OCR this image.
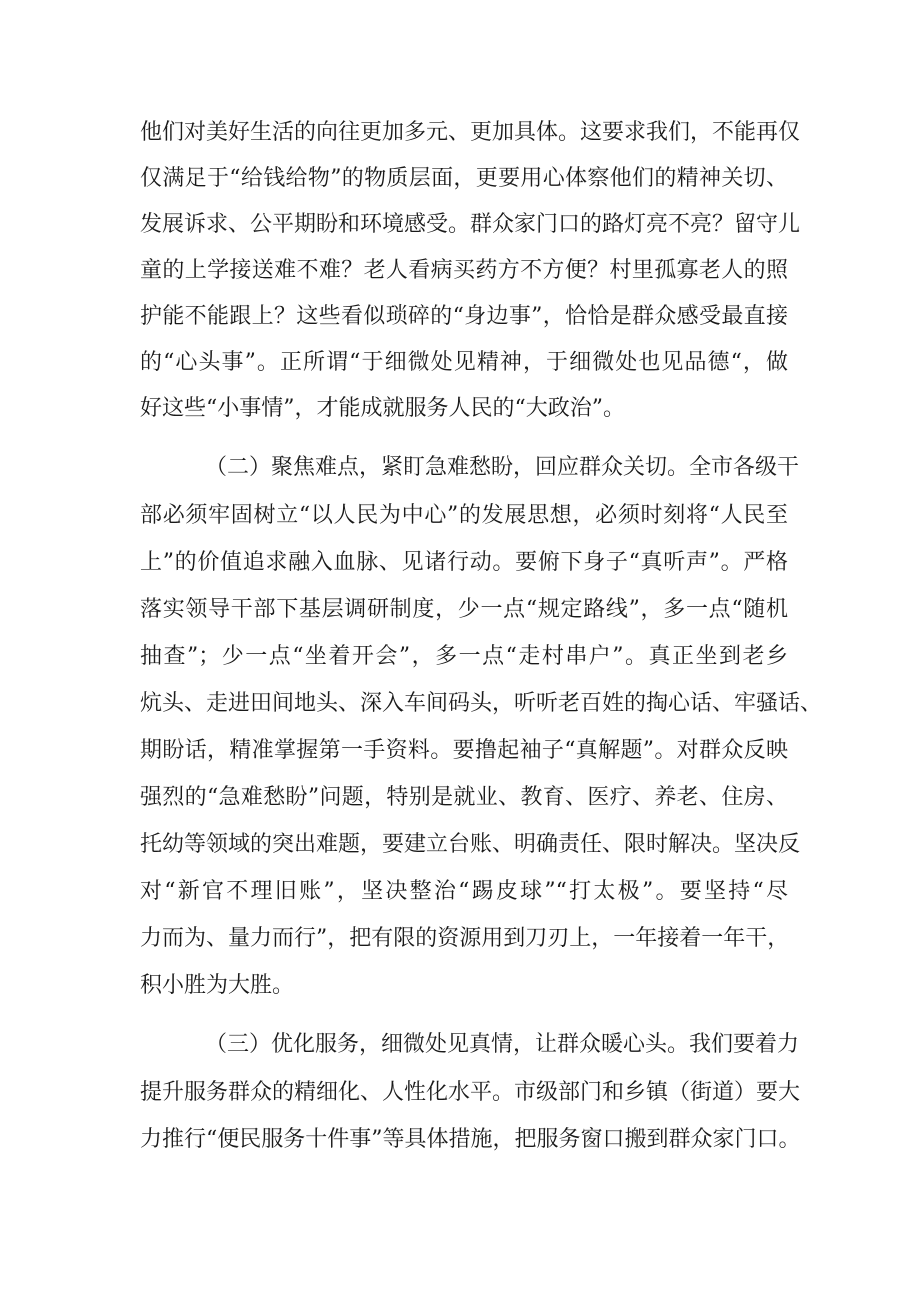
他们对美好生活的向往更加多元、更加具体。这要求我们，不能再仅
仅满足于“给钱给物”的物质层面，更要用心体察他们的精神关切、
发展诉求、公平期盼和环境感受。群众家门口的路灯亮不亮？留守儿
童的上学接送难不难？老人看病买药方不方便？村里孤寡老人的照
护能不能跟上？这些看似琐碎的“身边事”，恰恰是群众感受最直接
的“心头事”。正所谓“于细微处见精神，于细微处也见品德“，做
好这些“小事情”，才能成就服务人民的“大政治”。
（二）聚焦难点，紧盯急难愁盼，回应群众关切。全市各级干
部必须牢固树立“以人民为中心”的发展思想，必须时刻将“人民至
上”的价值追求融入血脉、见诸行动。要俯下身子“真听声”。严格
落实领导干部下基层调研制度，少一点“规定路线”，多一点“随机
抽查”；少一点“坐着开会”，多一点“走村串户”。真正坐到老乡
炕头、走进田间地头、深入车间码头，听听老百姓的掏心话、牢骚话、
期盼话，精准掌握第一手资料。要撸起袖子“真解题”。对群众反映
强烈的“急难愁盼”问题，特别是就业、教育、医疗、养老、住房、
托幼等领域的突出难题，要建立台账、明确责任、限时解决。坚决反
对“新官不理旧账”，坚决整治“踢皮球”“打太极”。要坚持“尽
力而为、量力而行”，把有限的资源用到刀刃上，一年接着一年干，
积小胜为大胜。
（三）优化服务，细微处见真情，让群众暖心头。我们要着力
提升服务群众的精细化、人性化水平。市级部门和乡镇（街道）要大
力推行“便民服务十件事”等具体措施，把服务窗口搬到群众家门口。
